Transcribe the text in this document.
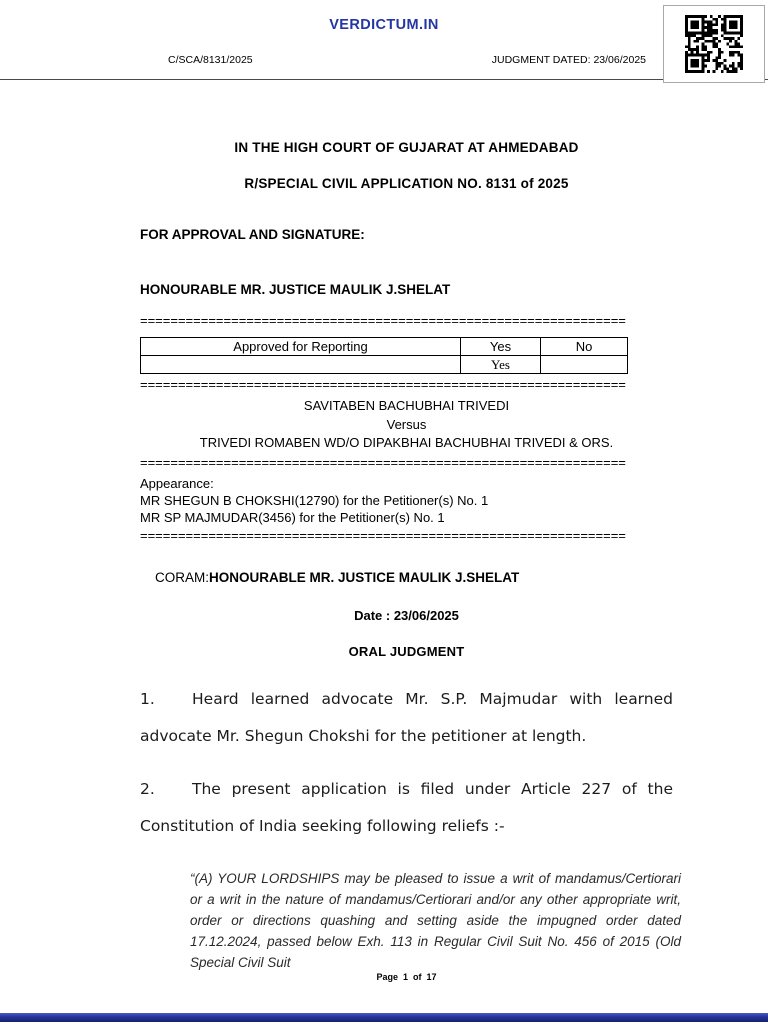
VERDICTUM.IN
C/SCA/8131/2025	JUDGMENT DATED: 23/06/2025
IN THE HIGH COURT OF GUJARAT AT AHMEDABAD
R/SPECIAL CIVIL APPLICATION NO. 8131 of 2025
FOR APPROVAL AND SIGNATURE:
HONOURABLE MR. JUSTICE MAULIK J.SHELAT
================================================================
Approved for Reporting	Yes	No
	Yes	
================================================================
SAVITABEN BACHUBHAI TRIVEDI
Versus
TRIVEDI ROMABEN WD/O DIPAKBHAI BACHUBHAI TRIVEDI & ORS.
================================================================
Appearance:
MR SHEGUN B CHOKSHI(12790) for the Petitioner(s) No. 1
MR SP MAJMUDAR(3456) for the Petitioner(s) No. 1
================================================================
CORAM:HONOURABLE MR. JUSTICE MAULIK J.SHELAT
Date : 23/06/2025
ORAL JUDGMENT
1. Heard learned advocate Mr. S.P. Majmudar with learned advocate Mr. Shegun Chokshi for the petitioner at length.
2. The present application is filed under Article 227 of the Constitution of India seeking following reliefs :-
“(A) YOUR LORDSHIPS may be pleased to issue a writ of mandamus/Certiorari or a writ in the nature of mandamus/Certiorari and/or any other appropriate writ, order or directions quashing and setting aside the impugned order dated 17.12.2024, passed below Exh. 113 in Regular Civil Suit No. 456 of 2015 (Old Special Civil Suit
Page  1  of  17
